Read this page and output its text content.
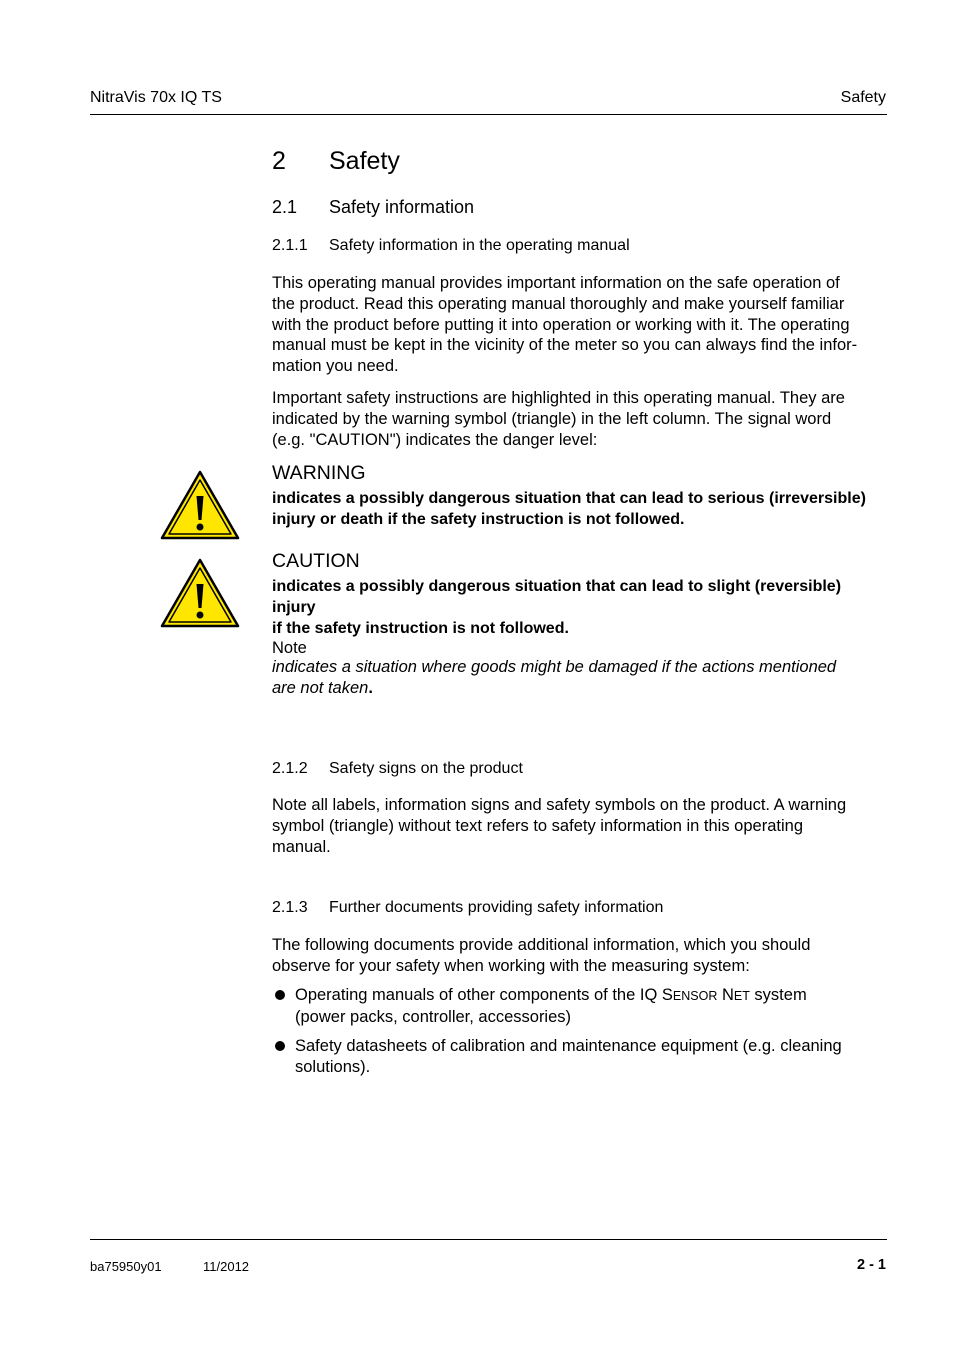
NitraVis 70x IQ TS	Safety
2 Safety
2.1 Safety information
2.1.1 Safety information in the operating manual
This operating manual provides important information on the safe operation of
the product. Read this operating manual thoroughly and make yourself familiar
with the product before putting it into operation or working with it. The operating
manual must be kept in the vicinity of the meter so you can always find the infor-
mation you need.
Important safety instructions are highlighted in this operating manual. They are
indicated by the warning symbol (triangle) in the left column. The signal word
(e.g. "CAUTION") indicates the danger level:
WARNING
indicates a possibly dangerous situation that can lead to serious (irreversible)
injury or death if the safety instruction is not followed.
CAUTION
indicates a possibly dangerous situation that can lead to slight (reversible) injury
if the safety instruction is not followed.
Note
indicates a situation where goods might be damaged if the actions mentioned
are not taken.
2.1.2 Safety signs on the product
Note all labels, information signs and safety symbols on the product. A warning
symbol (triangle) without text refers to safety information in this operating
manual.
2.1.3 Further documents providing safety information
The following documents provide additional information, which you should
observe for your safety when working with the measuring system:
Operating manuals of other components of the IQ SENSOR NET system
(power packs, controller, accessories)
Safety datasheets of calibration and maintenance equipment (e.g. cleaning
solutions).
ba75950y01	11/2012	2 - 1
